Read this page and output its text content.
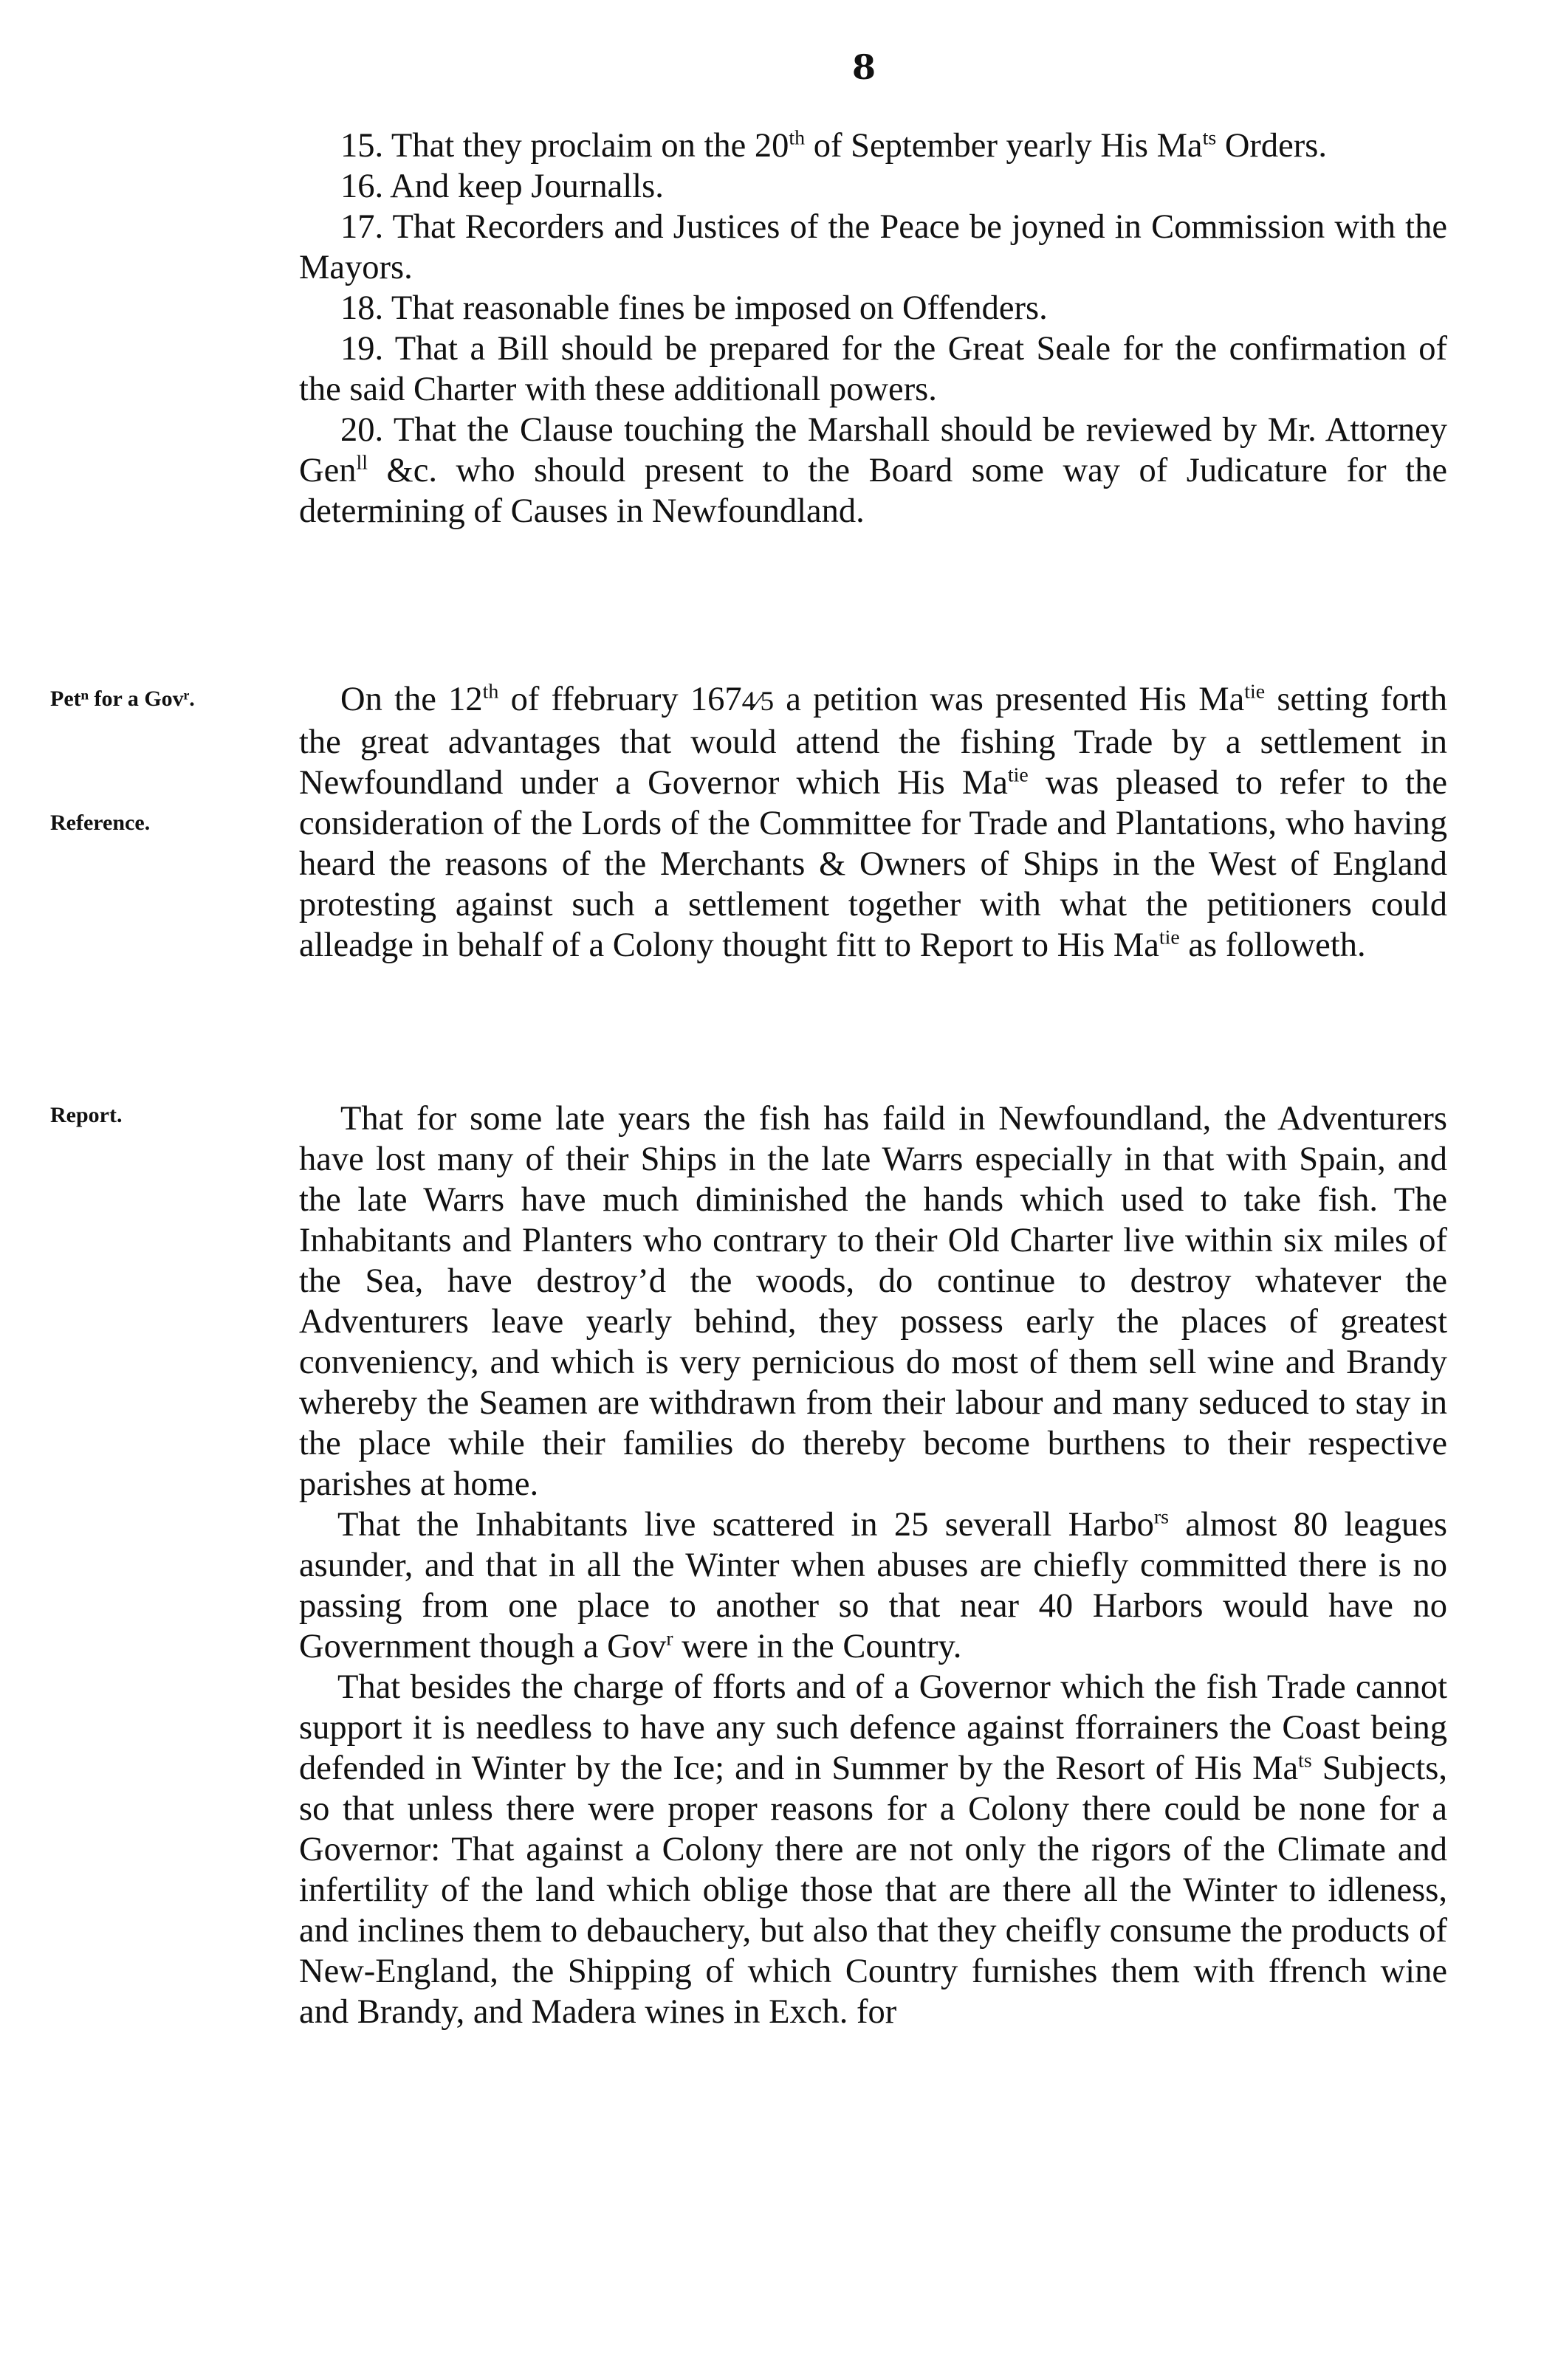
8

15. That they proclaim on the 20th of September yearly His $Ma^{ts}$ Orders.

16. And keep Journalls.

17. That Recorders and Justices of the Peace be joyned in Commission with the Mayors.

18. That reasonable fines be imposed on Offenders.

19. That a Bill should be prepared for the Great Seale for the confirmation of the said Charter with these additionall powers.

20. That the Clause touching the Marshall should be reviewed by Mr. Attorney Gen$^{ll}$ &c. who should present to the Board some way of Judicature for the determining of Causes in Newfoundland.

Petⁿ for a Govʳ.
Reference.
Report.

On the 12th of ffebruary 1674⁄5 a petition was presented His $Ma^{tie}$ setting forth the great advantages that would attend the fishing Trade by a settlement in Newfoundland under a Governor which His $Ma^{tie}$ was pleased to refer to the consideration of the Lords of the Committee for Trade and Plantations, who having heard the reasons of the Merchants & Owners of Ships in the West of England protesting against such a settlement together with what the petitioners could alleadge in behalf of a Colony thought fitt to Report to His $Ma^{tie}$ as followeth.

That for some late years the fish has faild in Newfoundland, the Adventurers have lost many of their Ships in the late Warrs especially in that with Spain, and the late Warrs have much diminished the hands which used to take fish. The Inhabitants and Planters who contrary to their Old Charter live within six miles of the Sea, have destroy’d the woods, do continue to destroy whatever the Adventurers leave yearly behind, they possess early the places of greatest conveniency, and which is very pernicious do most of them sell wine and Brandy whereby the Seamen are withdrawn from their labour and many seduced to stay in the place while their families do thereby become burthens to their respective parishes at home.

That the Inhabitants live scattered in 25 severall Harbo$^{rs}$ almost 80 leagues asunder, and that in all the Winter when abuses are chiefly committed there is no passing from one place to another so that near 40 Harbors would have no Government though a Gov$^r$ were in the Country.

That besides the charge of fforts and of a Governor which the fish Trade cannot support it is needless to have any such defence against fforrainers the Coast being defended in Winter by the Ice; and in Summer by the Resort of His $Ma^{ts}$ Subjects, so that unless there were proper reasons for a Colony there could be none for a Governor: That against a Colony there are not only the rigors of the Climate and infertility of the land which oblige those that are there all the Winter to idleness, and inclines them to debauchery, but also that they cheifly consume the products of New-England, the Shipping of which Country furnishes them with ffrench wine and Brandy, and Madera wines in Exch. for
